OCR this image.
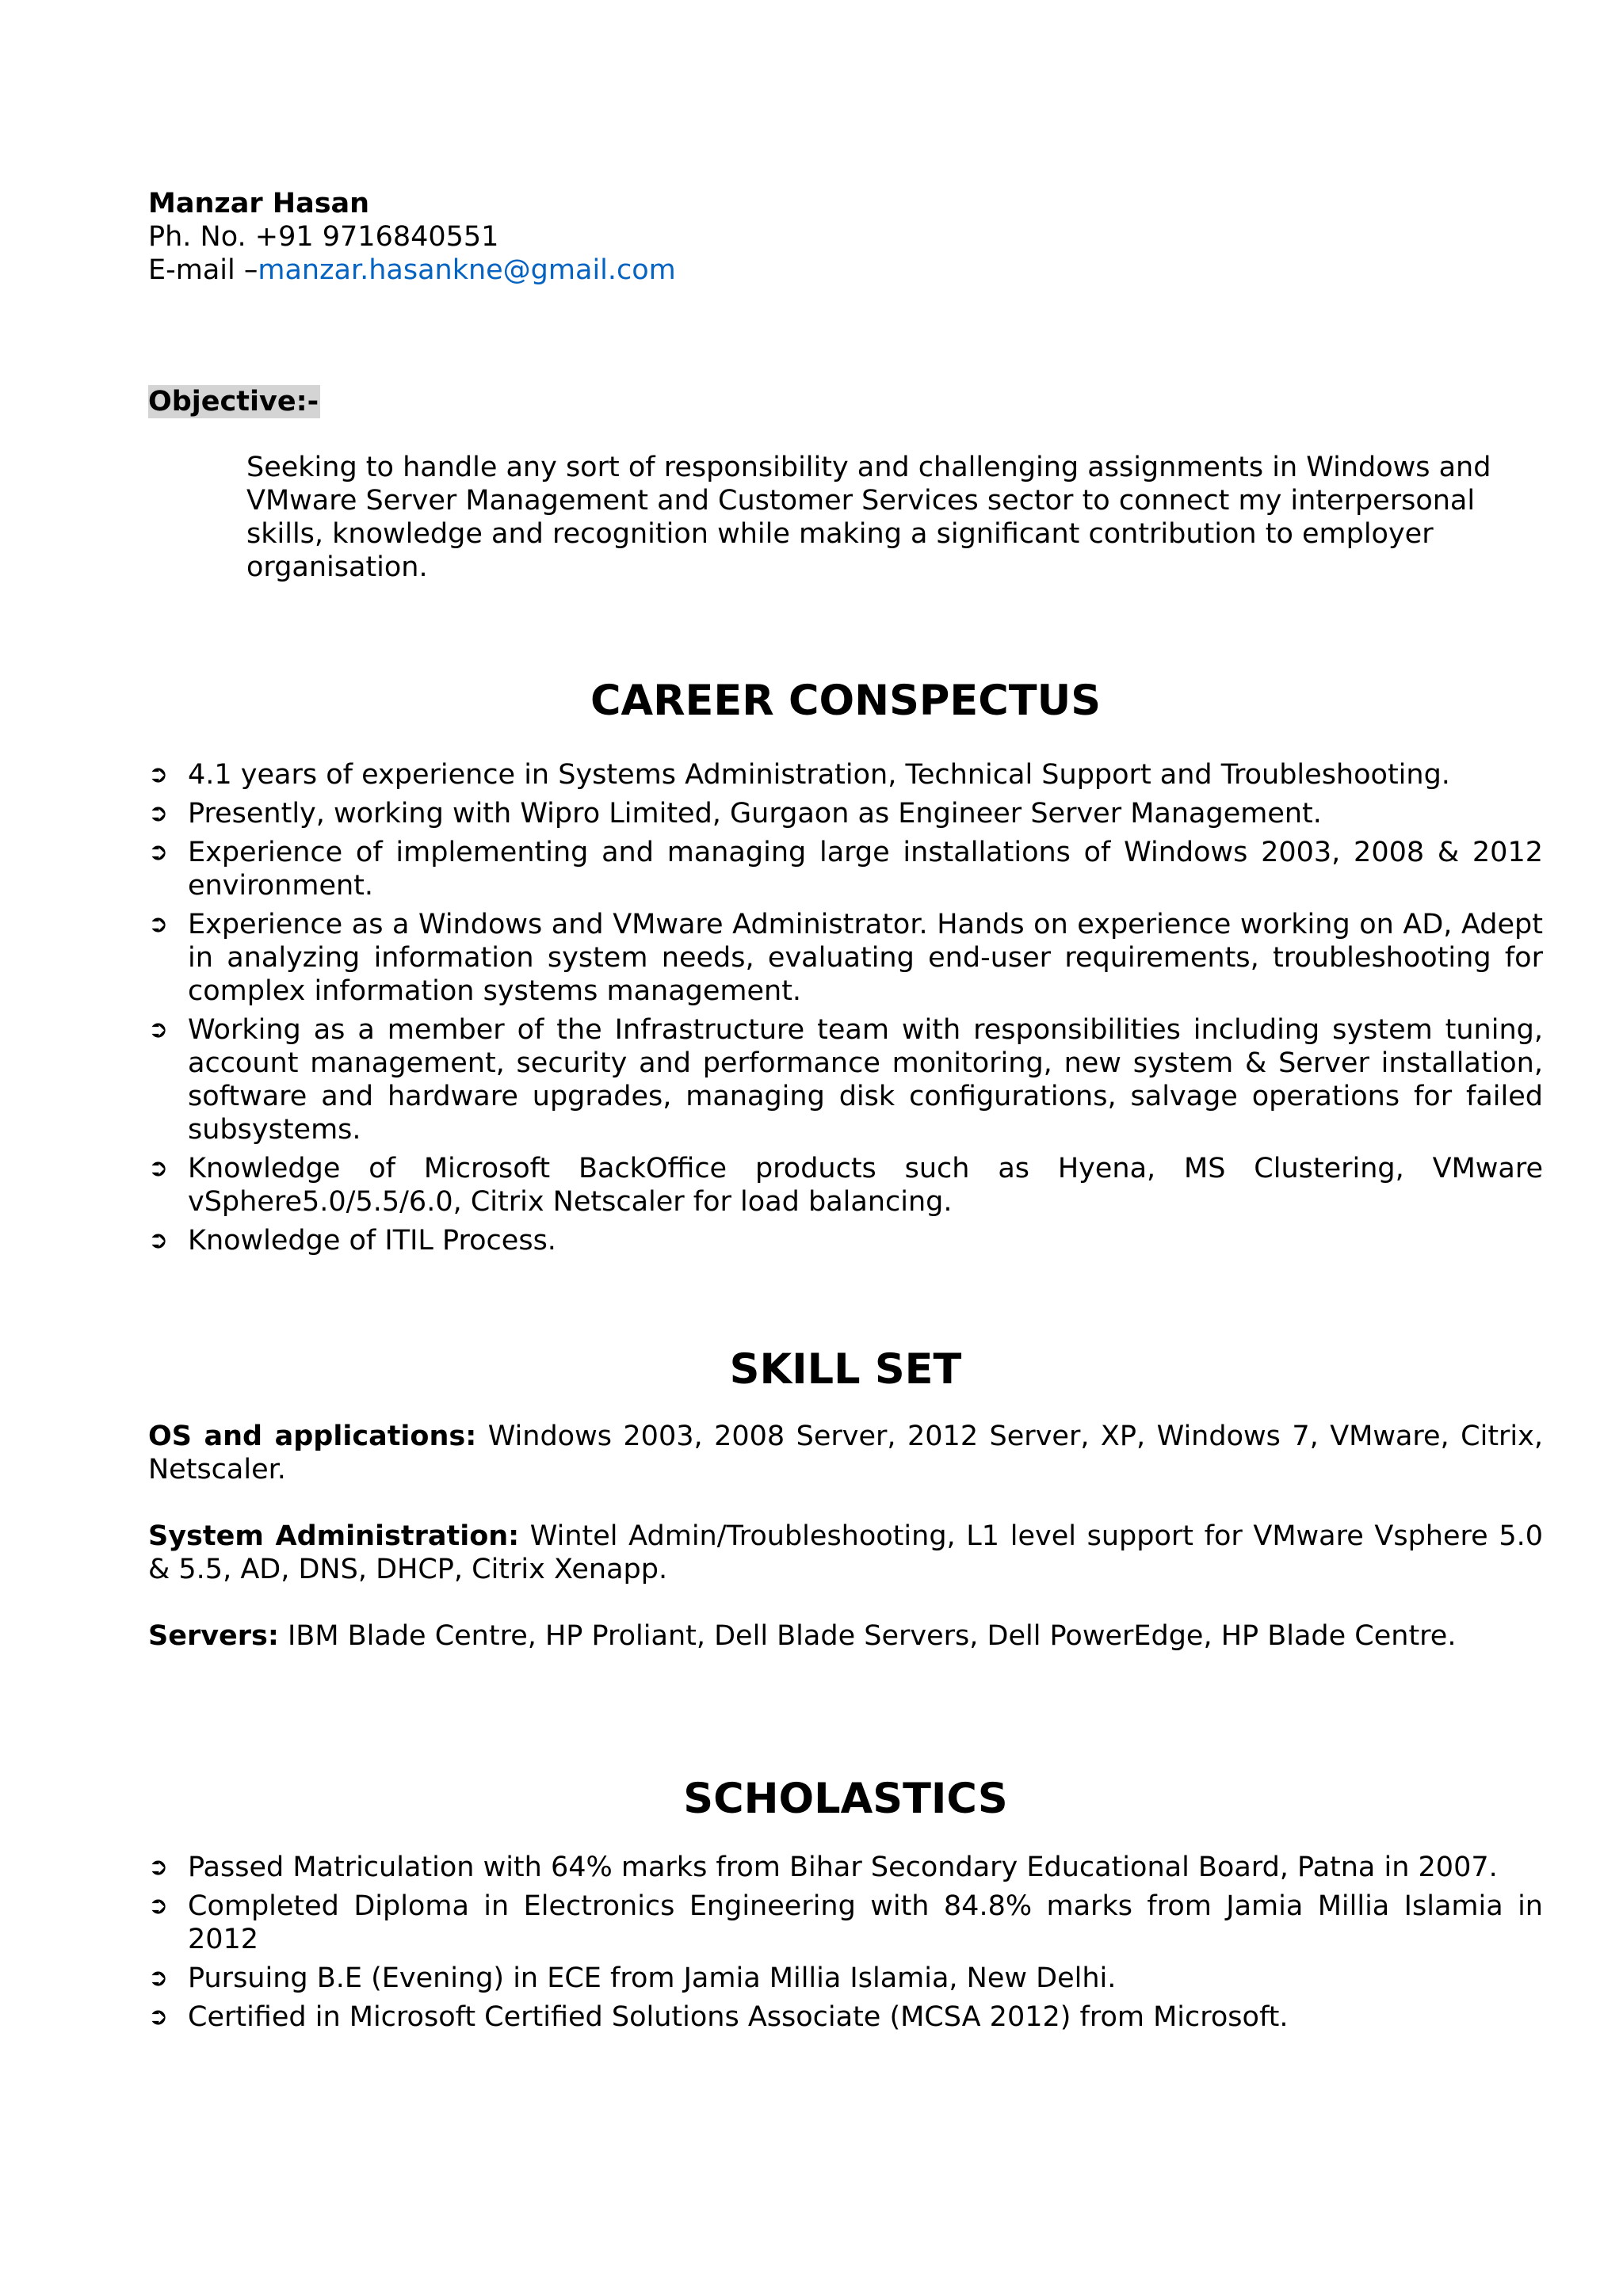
Manzar Hasan
Ph. No. +91 9716840551
E-mail –manzar.hasankne@gmail.com
Objective:-

Seeking to handle any sort of responsibility and challenging assignments in Windows and VMware Server Management and Customer Services sector to connect my interpersonal skills, knowledge and recognition while making a significant contribution to employer organisation.

CAREER CONSPECTUS
➲ 4.1 years of experience in Systems Administration, Technical Support and Troubleshooting.
➲ Presently, working with Wipro Limited, Gurgaon as Engineer Server Management.
➲ Experience of implementing and managing large installations of Windows 2003, 2008 & 2012 environment.
➲ Experience as a Windows and VMware Administrator. Hands on experience working on AD, Adept in analyzing information system needs, evaluating end-user requirements, troubleshooting for complex information systems management.
➲ Working as a member of the Infrastructure team with responsibilities including system tuning, account management, security and performance monitoring, new system & Server installation, software and hardware upgrades, managing disk configurations, salvage operations for failed subsystems.
➲ Knowledge of Microsoft BackOffice products such as Hyena, MS Clustering, VMware vSphere5.0/5.5/6.0, Citrix Netscaler for load balancing.
➲ Knowledge of ITIL Process.
SKILL SET

OS and applications: Windows 2003, 2008 Server, 2012 Server, XP, Windows 7, VMware, Citrix, Netscaler.

System Administration: Wintel Admin/Troubleshooting, L1 level support for VMware Vsphere 5.0 & 5.5, AD, DNS, DHCP, Citrix Xenapp.

Servers: IBM Blade Centre, HP Proliant, Dell Blade Servers, Dell PowerEdge, HP Blade Centre.

SCHOLASTICS
➲ Passed Matriculation with 64% marks from Bihar Secondary Educational Board, Patna in 2007.
➲ Completed Diploma in Electronics Engineering with 84.8% marks from Jamia Millia Islamia in 2012
➲ Pursuing B.E (Evening) in ECE from Jamia Millia Islamia, New Delhi.
➲ Certified in Microsoft Certified Solutions Associate (MCSA 2012) from Microsoft.
